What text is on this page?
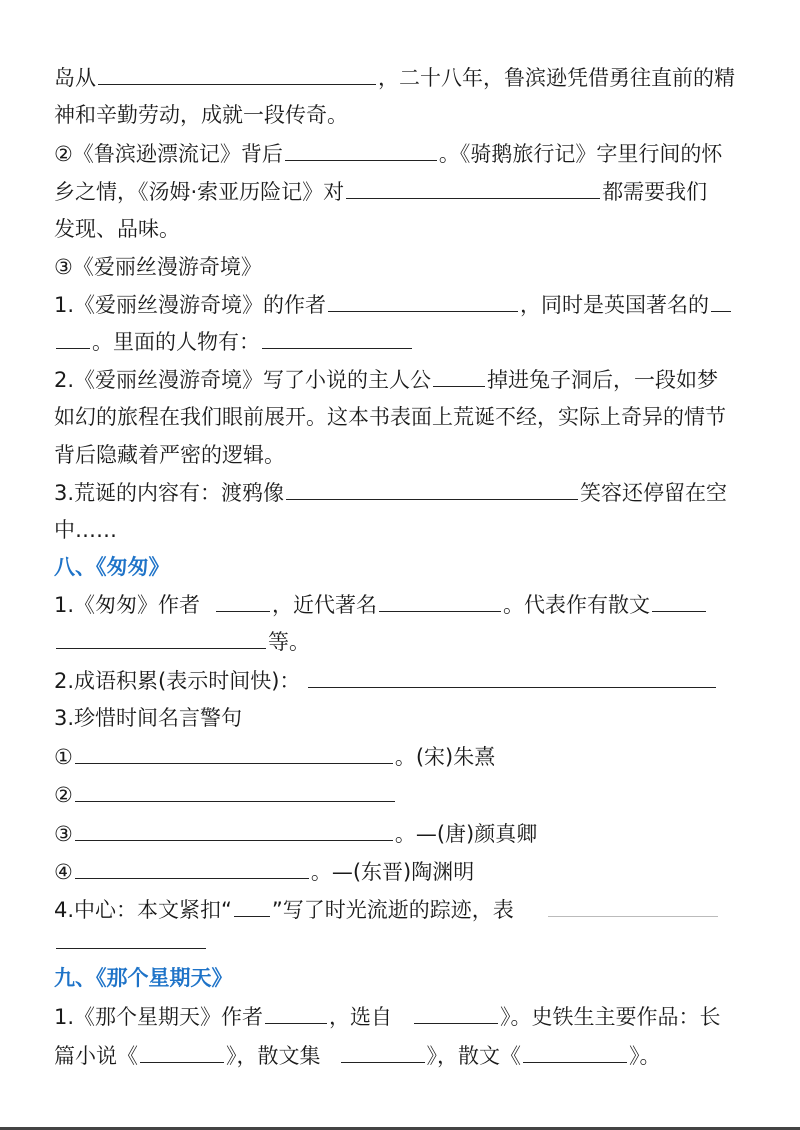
岛从	，二十八年，鲁滨逊凭借勇往直前的精
神和辛勤劳动，成就一段传奇。
②《鲁滨逊漂流记》背后	。《骑鹅旅行记》字里行间的怀
乡之情，《汤姆·索亚历险记》对	都需要我们
发现、品味。
③《爱丽丝漫游奇境》
1.《爱丽丝漫游奇境》的作者	，同时是英国著名的
。里面的人物有：
2.《爱丽丝漫游奇境》写了小说的主人公	掉进兔子洞后，一段如梦
如幻的旅程在我们眼前展开。这本书表面上荒诞不经，实际上奇异的情节
背后隐藏着严密的逻辑。
3.荒诞的内容有：渡鸦像	笑容还停留在空
中……
八、《匆匆》
1.《匆匆》作者	，近代著名	。代表作有散文
等。
2.成语积累(表示时间快)：
3.珍惜时间名言警句
①	。(宋)朱熹
②
③	。—(唐)颜真卿
④	。—(东晋)陶渊明
4.中心：本文紧扣“ ”写了时光流逝的踪迹，表
九、《那个星期天》
1.《那个星期天》作者	，选自	》。史铁生主要作品：长
篇小说《	》，散文集	》，散文《	》。
